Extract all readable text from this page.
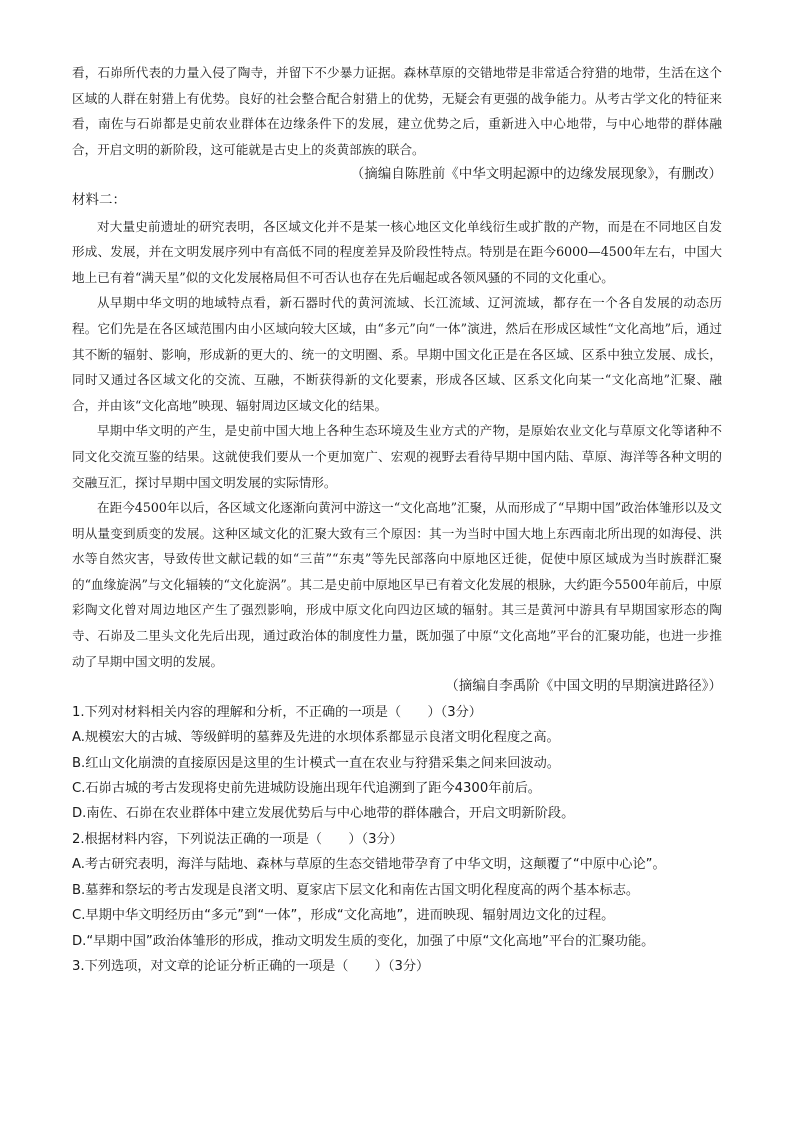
看，石峁所代表的力量入侵了陶寺，并留下不少暴力证据。森林草原的交错地带是非常适合狩猎的地带，生活在这个区域的人群在射猎上有优势。良好的社会整合配合射猎上的优势，无疑会有更强的战争能力。从考古学文化的特征来看，南佐与石峁都是史前农业群体在边缘条件下的发展，建立优势之后，重新进入中心地带，与中心地带的群体融合，开启文明的新阶段，这可能就是古史上的炎黄部族的联合。

（摘编自陈胜前《中华文明起源中的边缘发展现象》，有删改）

材料二：

对大量史前遗址的研究表明，各区域文化并不是某一核心地区文化单线衍生或扩散的产物，而是在不同地区自发形成、发展，并在文明发展序列中有高低不同的程度差异及阶段性特点。特别是在距今6000—4500年左右，中国大地上已有着“满天星”似的文化发展格局但不可否认也存在先后崛起或各领风骚的不同的文化重心。

从早期中华文明的地域特点看，新石器时代的黄河流域、长江流域、辽河流域，都存在一个各自发展的动态历程。它们先是在各区域范围内由小区域向较大区域，由“多元”向“一体”演进，然后在形成区域性“文化高地”后，通过其不断的辐射、影响，形成新的更大的、统一的文明圈、系。早期中国文化正是在各区域、区系中独立发展、成长，同时又通过各区域文化的交流、互融，不断获得新的文化要素，形成各区域、区系文化向某一“文化高地”汇聚、融合，并由该“文化高地”映现、辐射周边区域文化的结果。

早期中华文明的产生，是史前中国大地上各种生态环境及生业方式的产物，是原始农业文化与草原文化等诸种不同文化交流互鉴的结果。这就使我们要从一个更加宽广、宏观的视野去看待早期中国内陆、草原、海洋等各种文明的交融互汇，探讨早期中国文明发展的实际情形。

在距今4500年以后，各区域文化逐渐向黄河中游这一“文化高地”汇聚，从而形成了“早期中国”政治体雏形以及文明从量变到质变的发展。这种区域文化的汇聚大致有三个原因：其一为当时中国大地上东西南北所出现的如海侵、洪水等自然灾害，导致传世文献记载的如“三苗”“东夷”等先民部落向中原地区迁徙，促使中原区域成为当时族群汇聚的“血缘旋涡”与文化辐辏的“文化旋涡”。其二是史前中原地区早已有着文化发展的根脉，大约距今5500年前后，中原彩陶文化曾对周边地区产生了强烈影响，形成中原文化向四边区域的辐射。其三是黄河中游具有早期国家形态的陶寺、石峁及二里头文化先后出现，通过政治体的制度性力量，既加强了中原“文化高地”平台的汇聚功能，也进一步推动了早期中国文明的发展。

（摘编自李禹阶《中国文明的早期演进路径》）

1.下列对材料相关内容的理解和分析，不正确的一项是（　　）（3分）

A.规模宏大的古城、等级鲜明的墓葬及先进的水坝体系都显示良渚文明化程度之高。

B.红山文化崩溃的直接原因是这里的生计模式一直在农业与狩猎采集之间来回波动。

C.石峁古城的考古发现将史前先进城防设施出现年代追溯到了距今4300年前后。

D.南佐、石峁在农业群体中建立发展优势后与中心地带的群体融合，开启文明新阶段。

2.根据材料内容，下列说法正确的一项是（　　）（3分）

A.考古研究表明，海洋与陆地、森林与草原的生态交错地带孕育了中华文明，这颠覆了“中原中心论”。

B.墓葬和祭坛的考古发现是良渚文明、夏家店下层文化和南佐古国文明化程度高的两个基本标志。

C.早期中华文明经历由“多元”到“一体”，形成“文化高地”，进而映现、辐射周边文化的过程。

D.“早期中国”政治体雏形的形成，推动文明发生质的变化，加强了中原“文化高地”平台的汇聚功能。

3.下列选项，对文章的论证分析正确的一项是（　　）（3分）
